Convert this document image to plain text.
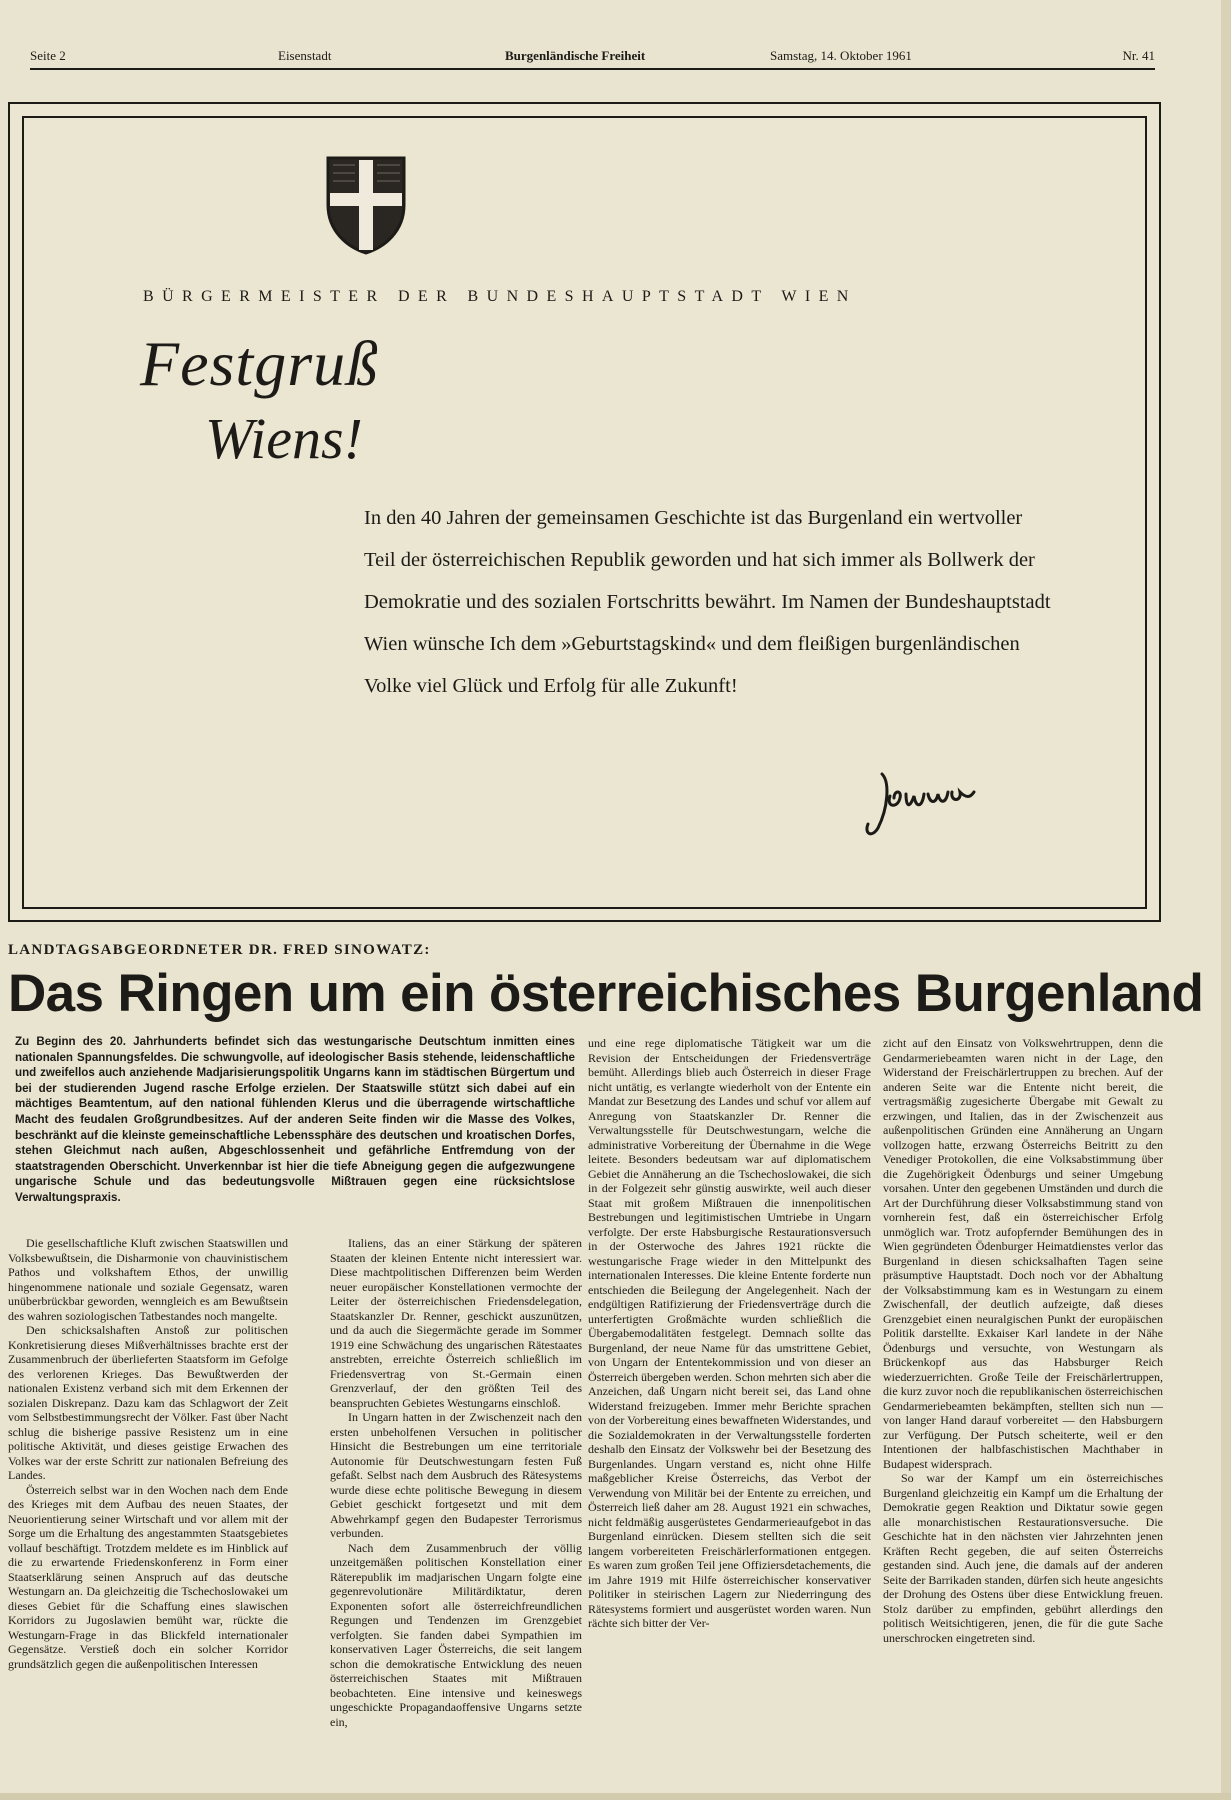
Seite 2	Eisenstadt	Burgenländische Freiheit	Samstag, 14. Oktober 1961	Nr. 41
BÜRGERMEISTER DER BUNDESHAUPTSTADT WIEN
Festgruß
Wiens!

In den 40 Jahren der gemeinsamen Geschichte ist das Burgenland ein wertvoller Teil der österreichischen Republik geworden und hat sich immer als Bollwerk der Demokratie und des sozialen Fortschritts bewährt. Im Namen der Bundeshauptstadt Wien wünsche Ich dem »Geburtstagskind« und dem fleißigen burgenländischen Volke viel Glück und Erfolg für alle Zukunft!

LANDTAGSABGEORDNETER DR. FRED SINOWATZ:
Das Ringen um ein österreichisches Burgenland

Zu Beginn des 20. Jahrhunderts befindet sich das westungarische Deutschtum inmitten eines nationalen Spannungsfeldes. Die schwungvolle, auf ideologischer Basis stehende, leidenschaftliche und zweifellos auch anziehende Madjarisierungspolitik Ungarns kann im städtischen Bürgertum und bei der studierenden Jugend rasche Erfolge erzielen. Der Staatswille stützt sich dabei auf ein mächtiges Beamtentum, auf den national fühlenden Klerus und die überragende wirtschaftliche Macht des feudalen Großgrundbesitzes. Auf der anderen Seite finden wir die Masse des Volkes, beschränkt auf die kleinste gemeinschaftliche Lebenssphäre des deutschen und kroatischen Dorfes, stehen Gleichmut nach außen, Abgeschlossenheit und gefährliche Entfremdung von der staatstragenden Oberschicht. Unverkennbar ist hier die tiefe Abneigung gegen die aufgezwungene ungarische Schule und das bedeutungsvolle Mißtrauen gegen eine rücksichtslose Verwaltungspraxis.

Die gesellschaftliche Kluft zwischen Staatswillen und Volksbewußtsein, die Disharmonie von chauvinistischem Pathos und volkshaftem Ethos, der unwillig hingenommene nationale und soziale Gegensatz, waren unüberbrückbar geworden, wenngleich es am Bewußtsein des wahren soziologischen Tatbestandes noch mangelte.

Den schicksalshaften Anstoß zur politischen Konkretisierung dieses Mißverhältnisses brachte erst der Zusammenbruch der überlieferten Staatsform im Gefolge des verlorenen Krieges. Das Bewußtwerden der nationalen Existenz verband sich mit dem Erkennen der sozialen Diskrepanz. Dazu kam das Schlagwort der Zeit vom Selbstbestimmungsrecht der Völker. Fast über Nacht schlug die bisherige passive Resistenz um in eine politische Aktivität, und dieses geistige Erwachen des Volkes war der erste Schritt zur nationalen Befreiung des Landes.

Österreich selbst war in den Wochen nach dem Ende des Krieges mit dem Aufbau des neuen Staates, der Neuorientierung seiner Wirtschaft und vor allem mit der Sorge um die Erhaltung des angestammten Staatsgebietes vollauf beschäftigt. Trotzdem meldete es im Hinblick auf die zu erwartende Friedenskonferenz in Form einer Staatserklärung seinen Anspruch auf das deutsche Westungarn an. Da gleichzeitig die Tschechoslowakei um dieses Gebiet für die Schaffung eines slawischen Korridors zu Jugoslawien bemüht war, rückte die Westungarn-Frage in das Blickfeld internationaler Gegensätze. Verstieß doch ein solcher Korridor grundsätzlich gegen die außenpolitischen Interessen

Italiens, das an einer Stärkung der späteren Staaten der kleinen Entente nicht interessiert war. Diese machtpolitischen Differenzen beim Werden neuer europäischer Konstellationen vermochte der Leiter der österreichischen Friedensdelegation, Staatskanzler Dr. Renner, geschickt auszunützen, und da auch die Siegermächte gerade im Sommer 1919 eine Schwächung des ungarischen Rätestaates anstrebten, erreichte Österreich schließlich im Friedensvertrag von St.-Germain einen Grenzverlauf, der den größten Teil des beanspruchten Gebietes Westungarns einschloß.

In Ungarn hatten in der Zwischenzeit nach den ersten unbeholfenen Versuchen in politischer Hinsicht die Bestrebungen um eine territoriale Autonomie für Deutschwestungarn festen Fuß gefaßt. Selbst nach dem Ausbruch des Rätesystems wurde diese echte politische Bewegung in diesem Gebiet geschickt fortgesetzt und mit dem Abwehrkampf gegen den Budapester Terrorismus verbunden.

Nach dem Zusammenbruch der völlig unzeitgemäßen politischen Konstellation einer Räterepublik im madjarischen Ungarn folgte eine gegenrevolutionäre Militärdiktatur, deren Exponenten sofort alle österreichfreundlichen Regungen und Tendenzen im Grenzgebiet verfolgten. Sie fanden dabei Sympathien im konservativen Lager Österreichs, die seit langem schon die demokratische Entwicklung des neuen österreichischen Staates mit Mißtrauen beobachteten. Eine intensive und keineswegs ungeschickte Propagandaoffensive Ungarns setzte ein,

und eine rege diplomatische Tätigkeit war um die Revision der Entscheidungen der Friedensverträge bemüht. Allerdings blieb auch Österreich in dieser Frage nicht untätig, es verlangte wiederholt von der Entente ein Mandat zur Besetzung des Landes und schuf vor allem auf Anregung von Staatskanzler Dr. Renner die Verwaltungsstelle für Deutschwestungarn, welche die administrative Vorbereitung der Übernahme in die Wege leitete. Besonders bedeutsam war auf diplomatischem Gebiet die Annäherung an die Tschechoslowakei, die sich in der Folgezeit sehr günstig auswirkte, weil auch dieser Staat mit großem Mißtrauen die innenpolitischen Bestrebungen und legitimistischen Umtriebe in Ungarn verfolgte. Der erste Habsburgische Restaurationsversuch in der Osterwoche des Jahres 1921 rückte die westungarische Frage wieder in den Mittelpunkt des internationalen Interesses. Die kleine Entente forderte nun entschieden die Beilegung der Angelegenheit. Nach der endgültigen Ratifizierung der Friedensverträge durch die unterfertigten Großmächte wurden schließlich die Übergabemodalitäten festgelegt. Demnach sollte das Burgenland, der neue Name für das umstrittene Gebiet, von Ungarn der Ententekommission und von dieser an Österreich übergeben werden. Schon mehrten sich aber die Anzeichen, daß Ungarn nicht bereit sei, das Land ohne Widerstand freizugeben. Immer mehr Berichte sprachen von der Vorbereitung eines bewaffneten Widerstandes, und die Sozialdemokraten in der Verwaltungsstelle forderten deshalb den Einsatz der Volkswehr bei der Besetzung des Burgenlandes. Ungarn verstand es, nicht ohne Hilfe maßgeblicher Kreise Österreichs, das Verbot der Verwendung von Militär bei der Entente zu erreichen, und Österreich ließ daher am 28. August 1921 ein schwaches, nicht feldmäßig ausgerüstetes Gendarmerieaufgebot in das Burgenland einrücken. Diesem stellten sich die seit langem vorbereiteten Freischärlerformationen entgegen. Es waren zum großen Teil jene Offiziersdetachements, die im Jahre 1919 mit Hilfe österreichischer konservativer Politiker in steirischen Lagern zur Niederringung des Rätesystems formiert und ausgerüstet worden waren. Nun rächte sich bitter der Ver-

zicht auf den Einsatz von Volkswehrtruppen, denn die Gendarmeriebeamten waren nicht in der Lage, den Widerstand der Freischärlertruppen zu brechen. Auf der anderen Seite war die Entente nicht bereit, die vertragsmäßig zugesicherte Übergabe mit Gewalt zu erzwingen, und Italien, das in der Zwischenzeit aus außenpolitischen Gründen eine Annäherung an Ungarn vollzogen hatte, erzwang Österreichs Beitritt zu den Venediger Protokollen, die eine Volksabstimmung über die Zugehörigkeit Ödenburgs und seiner Umgebung vorsahen. Unter den gegebenen Umständen und durch die Art der Durchführung dieser Volksabstimmung stand von vornherein fest, daß ein österreichischer Erfolg unmöglich war. Trotz aufopfernder Bemühungen des in Wien gegründeten Ödenburger Heimatdienstes verlor das Burgenland in diesen schicksalhaften Tagen seine präsumptive Hauptstadt. Doch noch vor der Abhaltung der Volksabstimmung kam es in Westungarn zu einem Zwischenfall, der deutlich aufzeigte, daß dieses Grenzgebiet einen neuralgischen Punkt der europäischen Politik darstellte. Exkaiser Karl landete in der Nähe Ödenburgs und versuchte, von Westungarn als Brückenkopf aus das Habsburger Reich wiederzuerrichten. Große Teile der Freischärlertruppen, die kurz zuvor noch die republikanischen österreichischen Gendarmeriebeamten bekämpften, stellten sich nun — von langer Hand darauf vorbereitet — den Habsburgern zur Verfügung. Der Putsch scheiterte, weil er den Intentionen der halbfaschistischen Machthaber in Budapest widersprach.

So war der Kampf um ein österreichisches Burgenland gleichzeitig ein Kampf um die Erhaltung der Demokratie gegen Reaktion und Diktatur sowie gegen alle monarchistischen Restaurationsversuche. Die Geschichte hat in den nächsten vier Jahrzehnten jenen Kräften Recht gegeben, die auf seiten Österreichs gestanden sind. Auch jene, die damals auf der anderen Seite der Barrikaden standen, dürfen sich heute angesichts der Drohung des Ostens über diese Entwicklung freuen. Stolz darüber zu empfinden, gebührt allerdings den politisch Weitsichtigeren, jenen, die für die gute Sache unerschrocken eingetreten sind.
